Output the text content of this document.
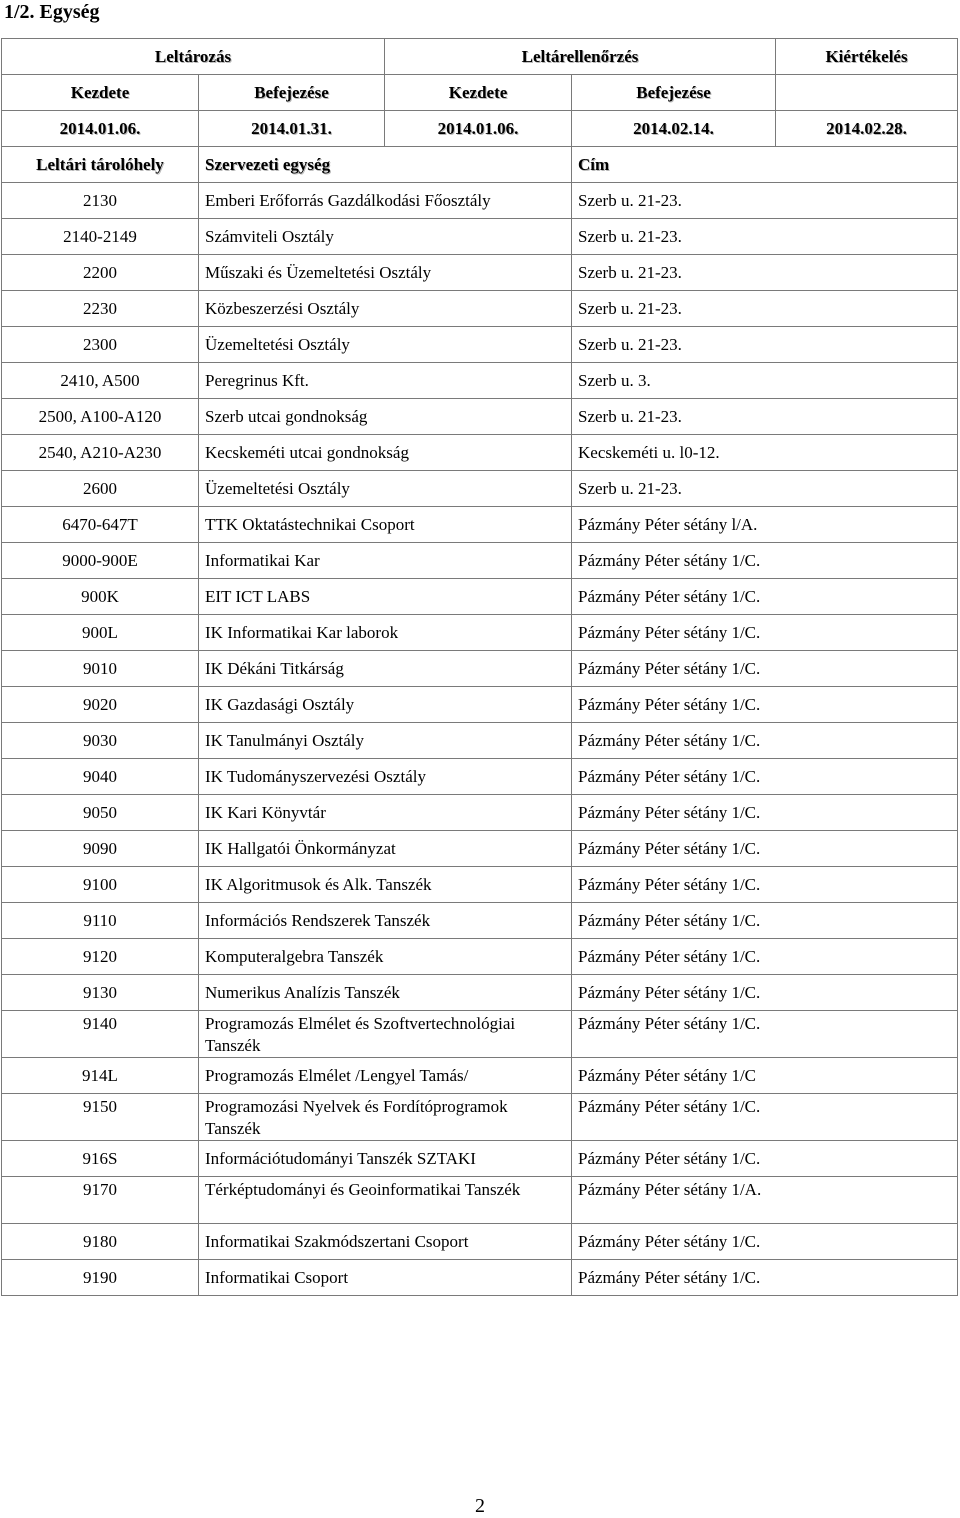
1/2. Egység
Leltározás		Leltárellenőrzés		Kiértékelés
Kezdete	Befejezése	Kezdete	Befejezése	
2014.01.06.	2014.01.31.	2014.01.06.	2014.02.14.	2014.02.28.
Leltári tárolóhely	Szervezeti egység		Cím	
2130	Emberi Erőforrás Gazdálkodási Főosztály		Szerb u. 21-23.	
2140-2149	Számviteli Osztály		Szerb u. 21-23.	
2200	Műszaki és Üzemeltetési Osztály		Szerb u. 21-23.	
2230	Közbeszerzési Osztály		Szerb u. 21-23.	
2300	Üzemeltetési Osztály		Szerb u. 21-23.	
2410, A500	Peregrinus Kft.		Szerb u. 3.	
2500, A100-A120	Szerb utcai gondnokság		Szerb u. 21-23.	
2540, A210-A230	Kecskeméti utcai gondnokság		Kecskeméti u. l0-12.	
2600	Üzemeltetési Osztály		Szerb u. 21-23.	
6470-647T	TTK Oktatástechnikai Csoport		Pázmány Péter sétány l/A.	
9000-900E	Informatikai Kar		Pázmány Péter sétány 1/C.	
900K	EIT ICT LABS		Pázmány Péter sétány 1/C.	
900L	IK Informatikai Kar laborok		Pázmány Péter sétány 1/C.	
9010	IK Dékáni Titkárság		Pázmány Péter sétány 1/C.	
9020	IK Gazdasági Osztály		Pázmány Péter sétány 1/C.	
9030	IK Tanulmányi Osztály		Pázmány Péter sétány 1/C.	
9040	IK Tudományszervezési Osztály		Pázmány Péter sétány 1/C.	
9050	IK Kari Könyvtár		Pázmány Péter sétány 1/C.	
9090	IK Hallgatói Önkormányzat		Pázmány Péter sétány 1/C.	
9100	IK Algoritmusok és Alk. Tanszék		Pázmány Péter sétány 1/C.	
9110	Információs Rendszerek Tanszék		Pázmány Péter sétány 1/C.	
9120	Komputeralgebra Tanszék		Pázmány Péter sétány 1/C.	
9130	Numerikus Analízis Tanszék		Pázmány Péter sétány 1/C.	
9140	Programozás Elmélet és Szoftvertechnológiai Tanszék		Pázmány Péter sétány 1/C.	
914L	Programozás Elmélet /Lengyel Tamás/		Pázmány Péter sétány 1/C	
9150	Programozási Nyelvek és Fordítóprogramok Tanszék		Pázmány Péter sétány 1/C.	
916S	Információtudományi Tanszék SZTAKI		Pázmány Péter sétány 1/C.	
9170	Térképtudományi és Geoinformatikai Tanszék		Pázmány Péter sétány 1/A.	
9180	Informatikai Szakmódszertani Csoport		Pázmány Péter sétány 1/C.	
9190	Informatikai Csoport		Pázmány Péter sétány 1/C.	
2
